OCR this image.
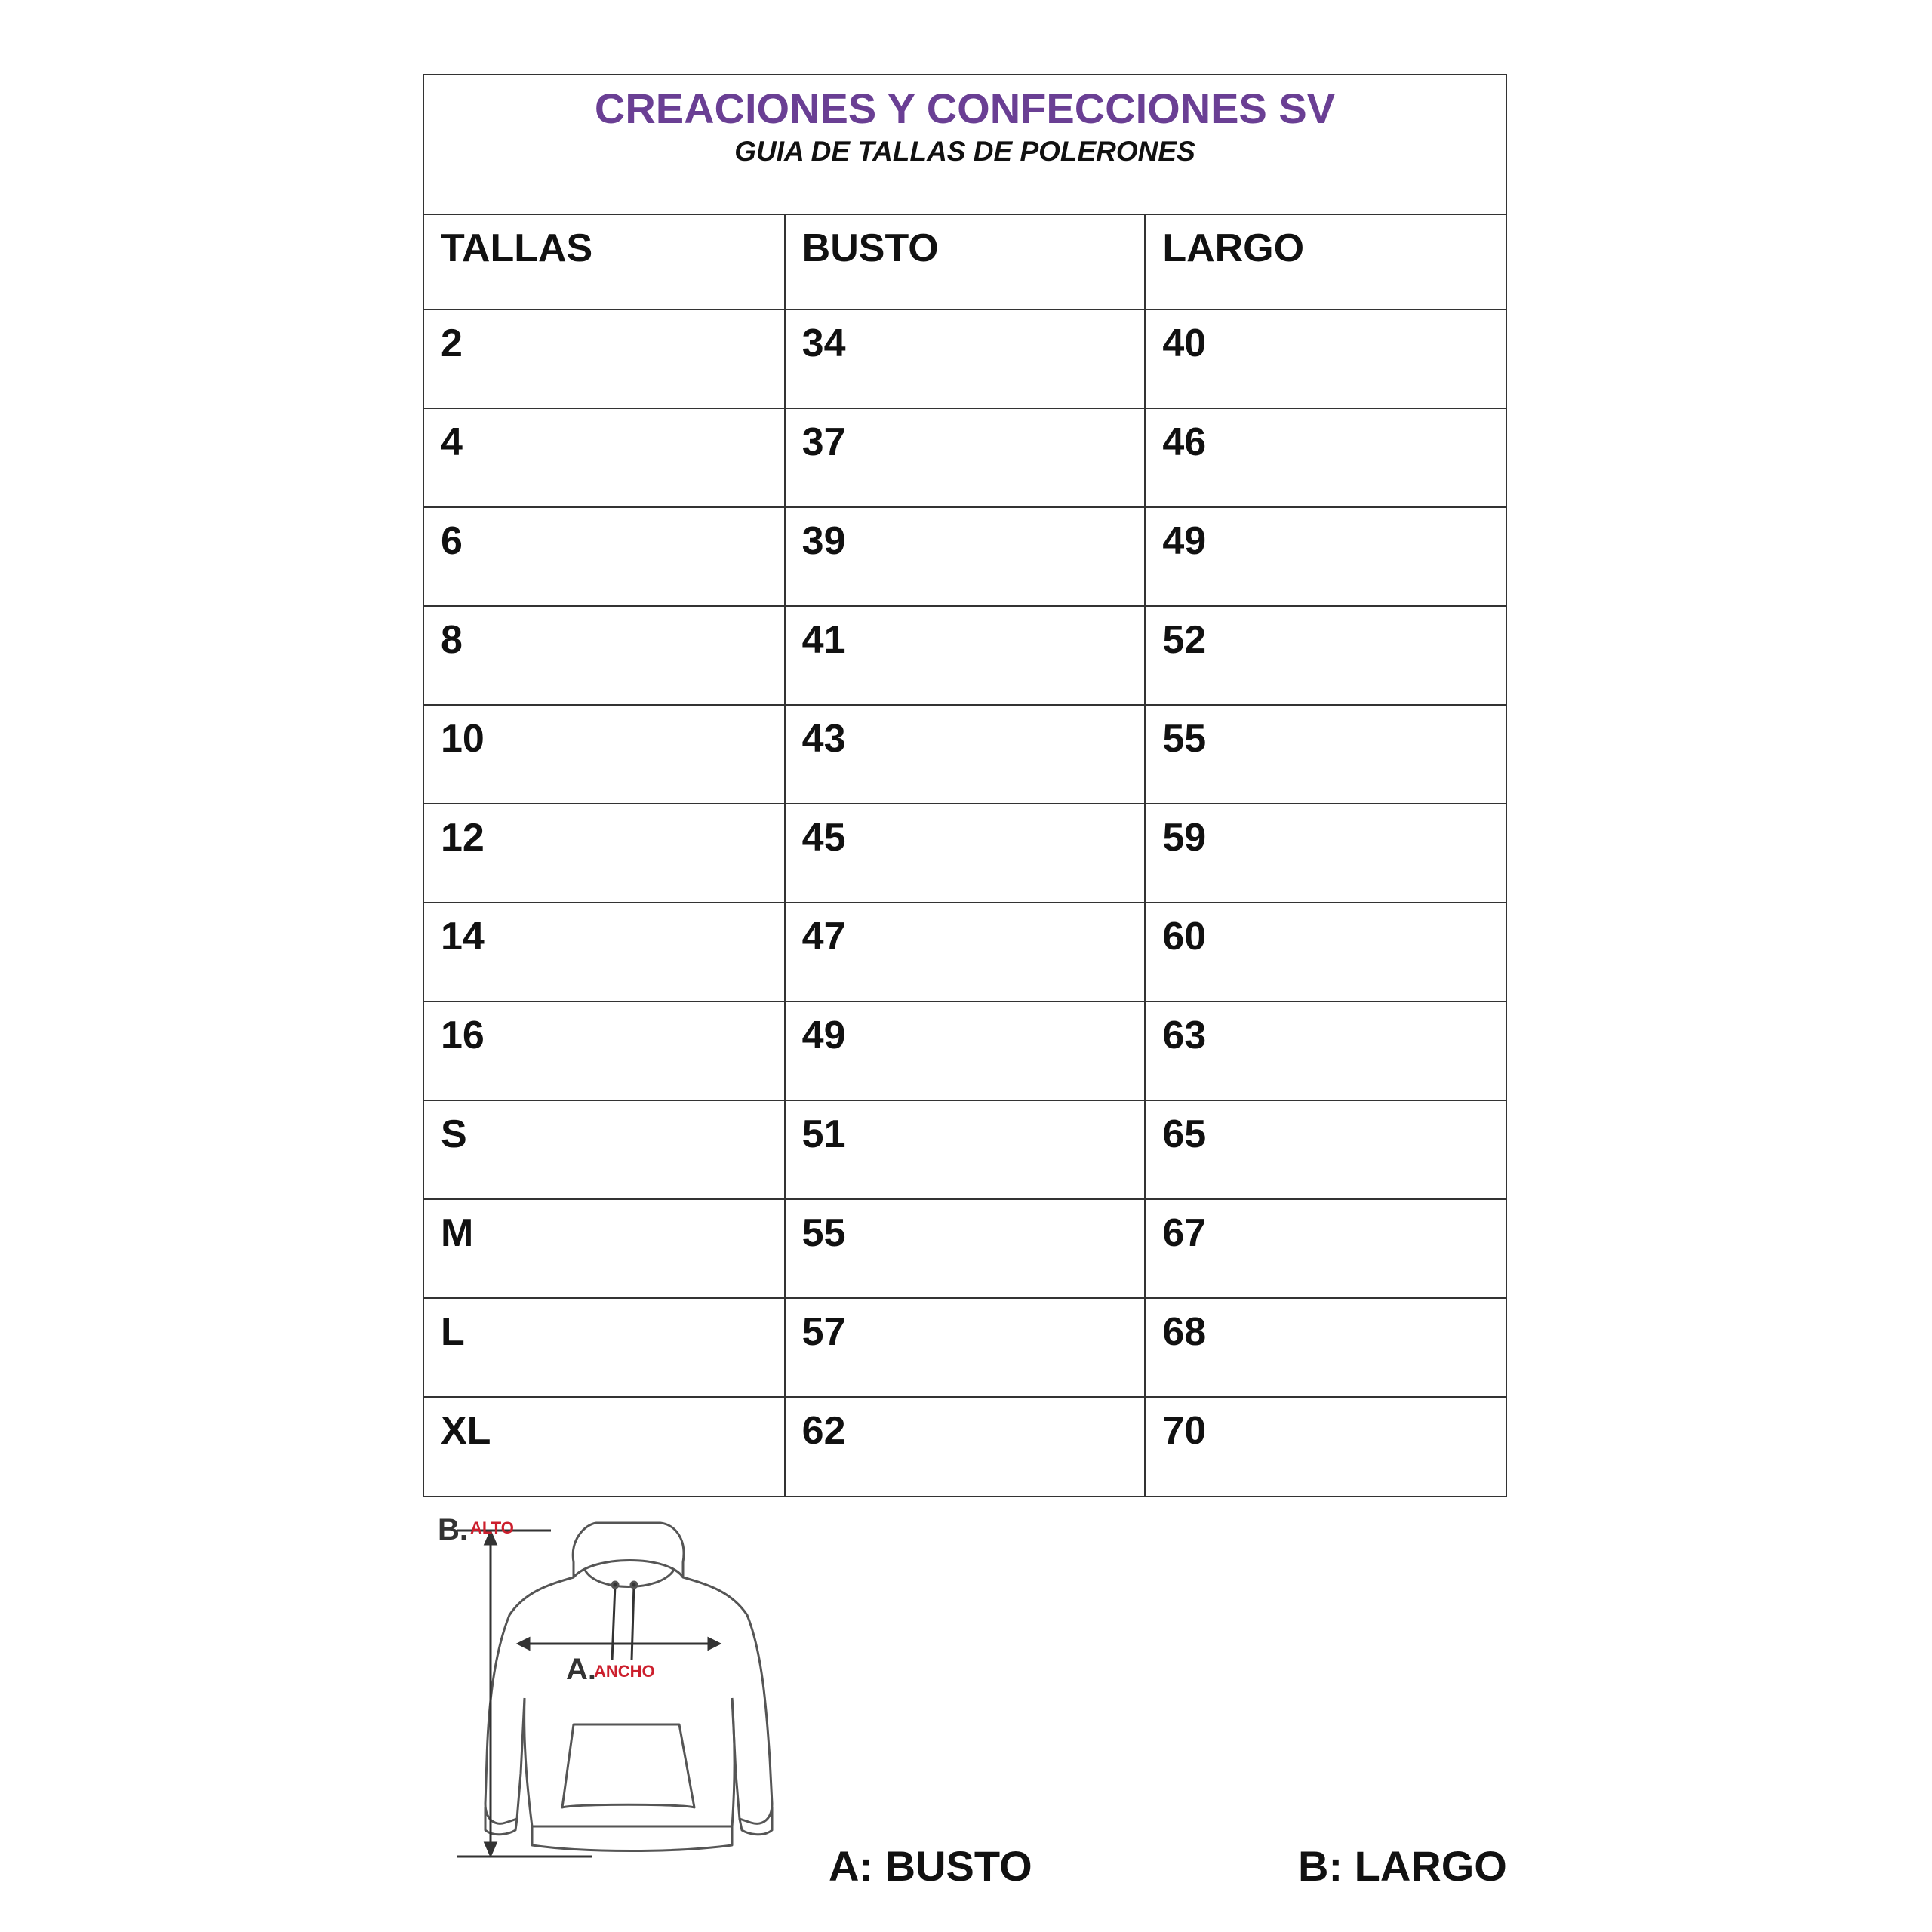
CREACIONES Y CONFECCIONES SV
GUIA DE TALLAS DE POLERONES
TALLAS	BUSTO	LARGO
2	34	40
4	37	46
6	39	49
8	41	52
10	43	55
12	45	59
14	47	60
16	49	63
S	51	65
M	55	67
L	57	68
XL	62	70
B. ALTO
A.
ANCHO
A: BUSTO	B: LARGO
